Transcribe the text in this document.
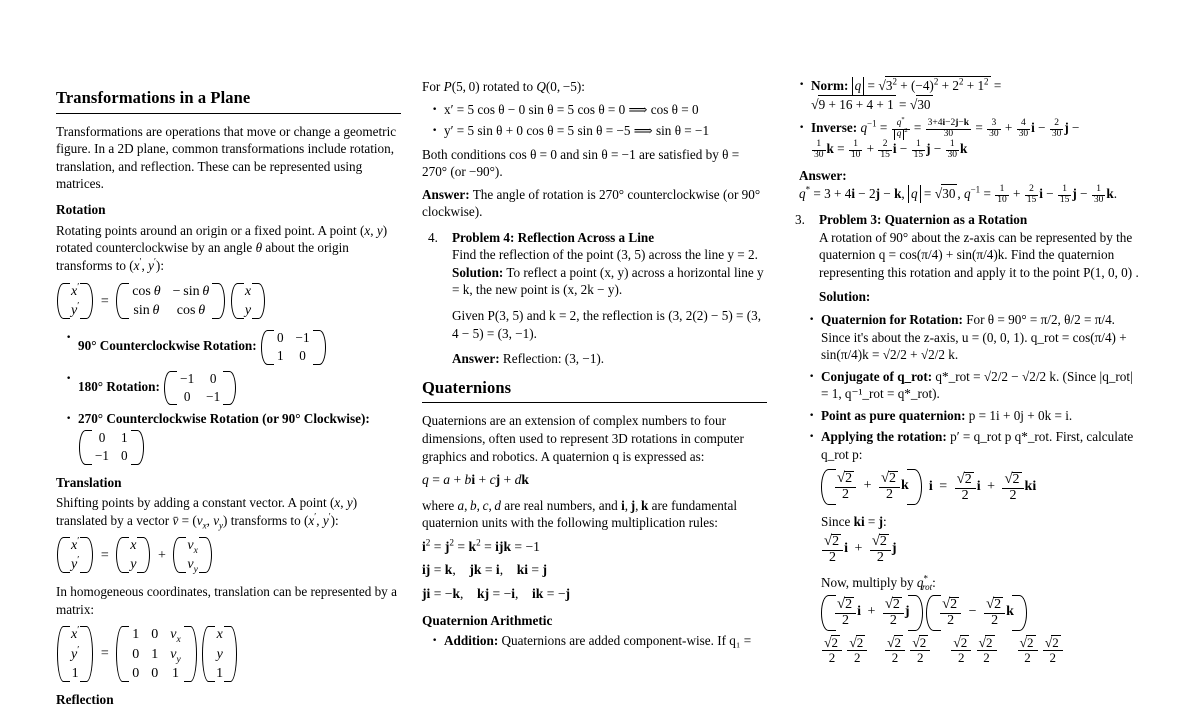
Transformations in a Plane

Transformations are operations that move or change a geometric figure. In a 2D plane, common transformations include rotation, translation, and reflection. These can be represented using matrices.

Rotation

Rotating points around an origin or a fixed point. A point (x, y) rotated counterclockwise by an angle θ about the origin transforms to (x′, y′):

x′
y′ =
cos θ	− sin θ
sin θ	cos θ

x
y
· 90° Counterclockwise Rotation:
0	−1
1	0
· 180° Rotation:
−1	0
0	−1
· 270° Counterclockwise Rotation (or 90° Clockwise):
0	1
−1	0
Translation

Shifting points by adding a constant vector. A point (x, y) translated by a vector v̄ = ($v_x$, $v_y$) transforms to (x′, y′):

x′
y′ =
x
y
+
$v_x$
$v_y$

In homogeneous coordinates, translation can be represented by a matrix:

x′
y′
1
=
1	0	$v_x$
0	1	$v_y$
0	0	1

x
y
1
Reflection

For P(5, 0) rotated to Q(0, −5):

· x′ = 5 cos θ − 0 sin θ = 5 cos θ = 0 ⟹ cos θ = 0
· y′ = 5 sin θ + 0 cos θ = 5 sin θ = −5 ⟹ sin θ = −1

Both conditions cos θ = 0 and sin θ = −1 are satisfied by θ = 270° (or −90°).

Answer: The angle of rotation is 270° counterclockwise (or 90° clockwise).

4. Problem 4: Reflection Across a Line
Find the reflection of the point (3, 5) across the line y = 2.
Solution: To reflect a point (x, y) across a horizontal line y = k, the new point is (x, 2k − y).

Given P(3, 5) and k = 2, the reflection is (3, 2(2) − 5) = (3, 4 − 5) = (3, −1).

Answer: Reflection: (3, −1).

Quaternions

Quaternions are an extension of complex numbers to four dimensions, often used to represent 3D rotations in computer graphics and robotics. A quaternion q is expressed as:

q = a + bi + cj + dk

where a, b, c, d are real numbers, and i, j, k are fundamental quaternion units with the following multiplication rules:

$i^2 = j^2 = k^2$ = ijk = −1

ij = k,    jk = i,    ki = j

ji = −k,    kj = −i,    ik = −j

Quaternion Arithmetic
· Addition: Quaternions are added component-wise. If q₁ =
· Norm: $q = √3^2 + (-4)^2 + 2^2 + 1^2$ =
√9 + 16 + 4 + 1 = √30
· Inverse: $q^{-1} = \frac{q^*}{q ^2} = \frac{3+4i-2j-k}{30} = \frac{3}{30} + \frac{4}{30}$ $i - \frac{2}{30}$ j −
$\frac{1}{30}$ $k = \frac{1}{10} + \frac{2}{15}$ $i - \frac{1}{15}$ $j - \frac{1}{30}$ k

Answer: q* = 3 + 4i − 2j − k, q = √30 , $q^{-1} = \frac{1}{10} + \frac{2}{15}$ $i - \frac{1}{15}$ $j - \frac{1}{30} k$.

3. Problem 3: Quaternion as a Rotation
A rotation of 90° about the z-axis can be represented by the quaternion q = cos(π/4) + sin(π/4)k. Find the quaternion representing this rotation and apply it to the point P(1, 0, 0) .

Solution:

· Quaternion for Rotation: For θ = 90° = π/2, θ/2 = π/4. Since it's about the z-axis, u = (0, 0, 1). q_rot = cos(π/4) + sin(π/4)k = √2/2 + √2/2 k.
· Conjugate of q_rot: q*_rot = √2/2 − √2/2 k. (Since |q_rot| = 1, q⁻¹_rot = q*_rot).
· Point as pure quaternion: p = 1i + 0j + 0k = i.
· Applying the rotation: p′ = q_rot p q*_rot. First, calculate q_rot p:
$\frac{√2}{2} + \frac{√2}{2}$ k $i = \frac{√2}{2}$ $i + \frac{√2}{2}$ ki

Since ki = j:

$\frac{√2}{2}$ $i + \frac{√2}{2}$ j

Now, multiply by $q^*_{rot}$:

$\frac{√2}{2}$ $i + \frac{√2}{2}$ j
$\frac{√2}{2} - \frac{√2}{2}$ k
$\frac{√2}{2}$
$\frac{√2}{2}$
$\frac{√2}{2}$
$\frac{√2}{2}$
$\frac{√2}{2}$
$\frac{√2}{2}$
$\frac{√2}{2}$
$\frac{√2}{2}$
